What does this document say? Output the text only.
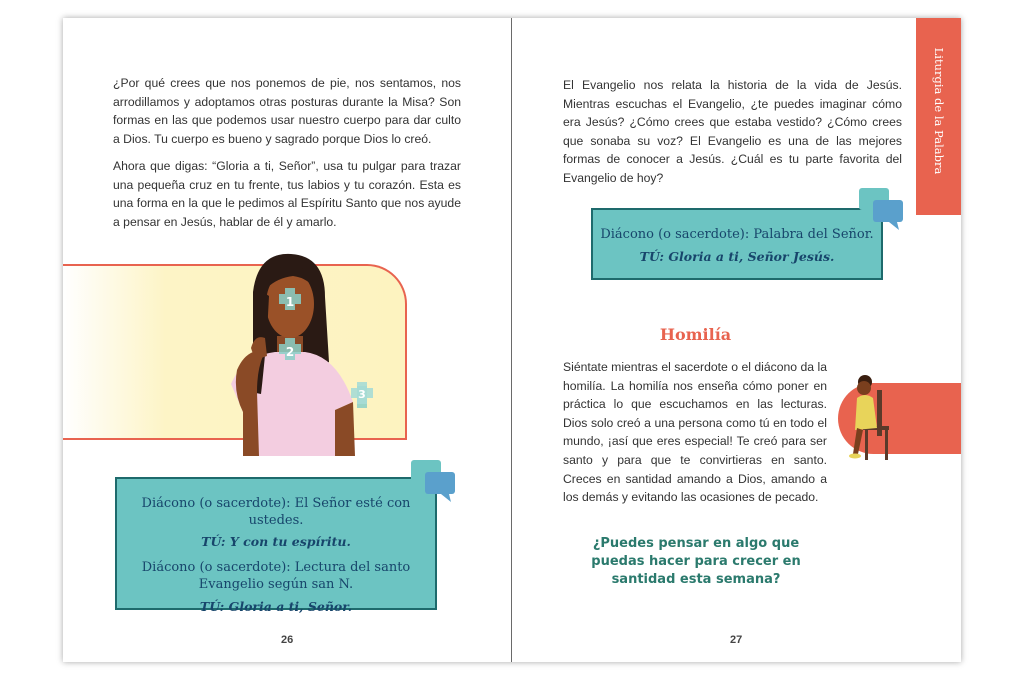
¿Por qué crees que nos ponemos de pie, nos sentamos, nos arrodillamos y adoptamos otras posturas durante la Misa? Son formas en las que podemos usar nuestro cuerpo para dar culto a Dios. Tu cuerpo es bueno y sagrado porque Dios lo creó.

Ahora que digas: “Gloria a ti, Señor”, usa tu pulgar para trazar una pequeña cruz en tu frente, tus labios y tu corazón. Esta es una forma en la que le pedimos al Espíritu Santo que nos ayude a pensar en Jesús, hablar de él y amarlo.

1
2
3
Diácono (o sacerdote): El Señor esté con ustedes.
TÚ: Y con tu espíritu.
Diácono (o sacerdote): Lectura del santo
Evangelio según san N.
TÚ: Gloria a ti, Señor.
26

El Evangelio nos relata la historia de la vida de Jesús. Mientras escuchas el Evangelio, ¿te puedes imaginar cómo era Jesús? ¿Cómo crees que estaba vestido? ¿Cómo crees que sonaba su voz? El Evangelio es una de las mejores formas de conocer a Jesús. ¿Cuál es tu parte favorita del Evangelio de hoy?

Diácono (o sacerdote): Palabra del Señor.
TÚ: Gloria a ti, Señor Jesús.
Liturgia de la Palabra
Homilía

Siéntate mientras el sacerdote o el diácono da la homilía. La homilía nos enseña cómo poner en práctica lo que escuchamos en las lecturas. Dios solo creó a una persona como tú en todo el mundo, ¡así que eres especial! Te creó para ser santo y para que te convirtieras en santo. Creces en santidad amando a Dios, amando a los demás y evitando las ocasiones de pecado.

¿Puedes pensar en algo que puedas hacer para crecer en santidad esta semana?
27
